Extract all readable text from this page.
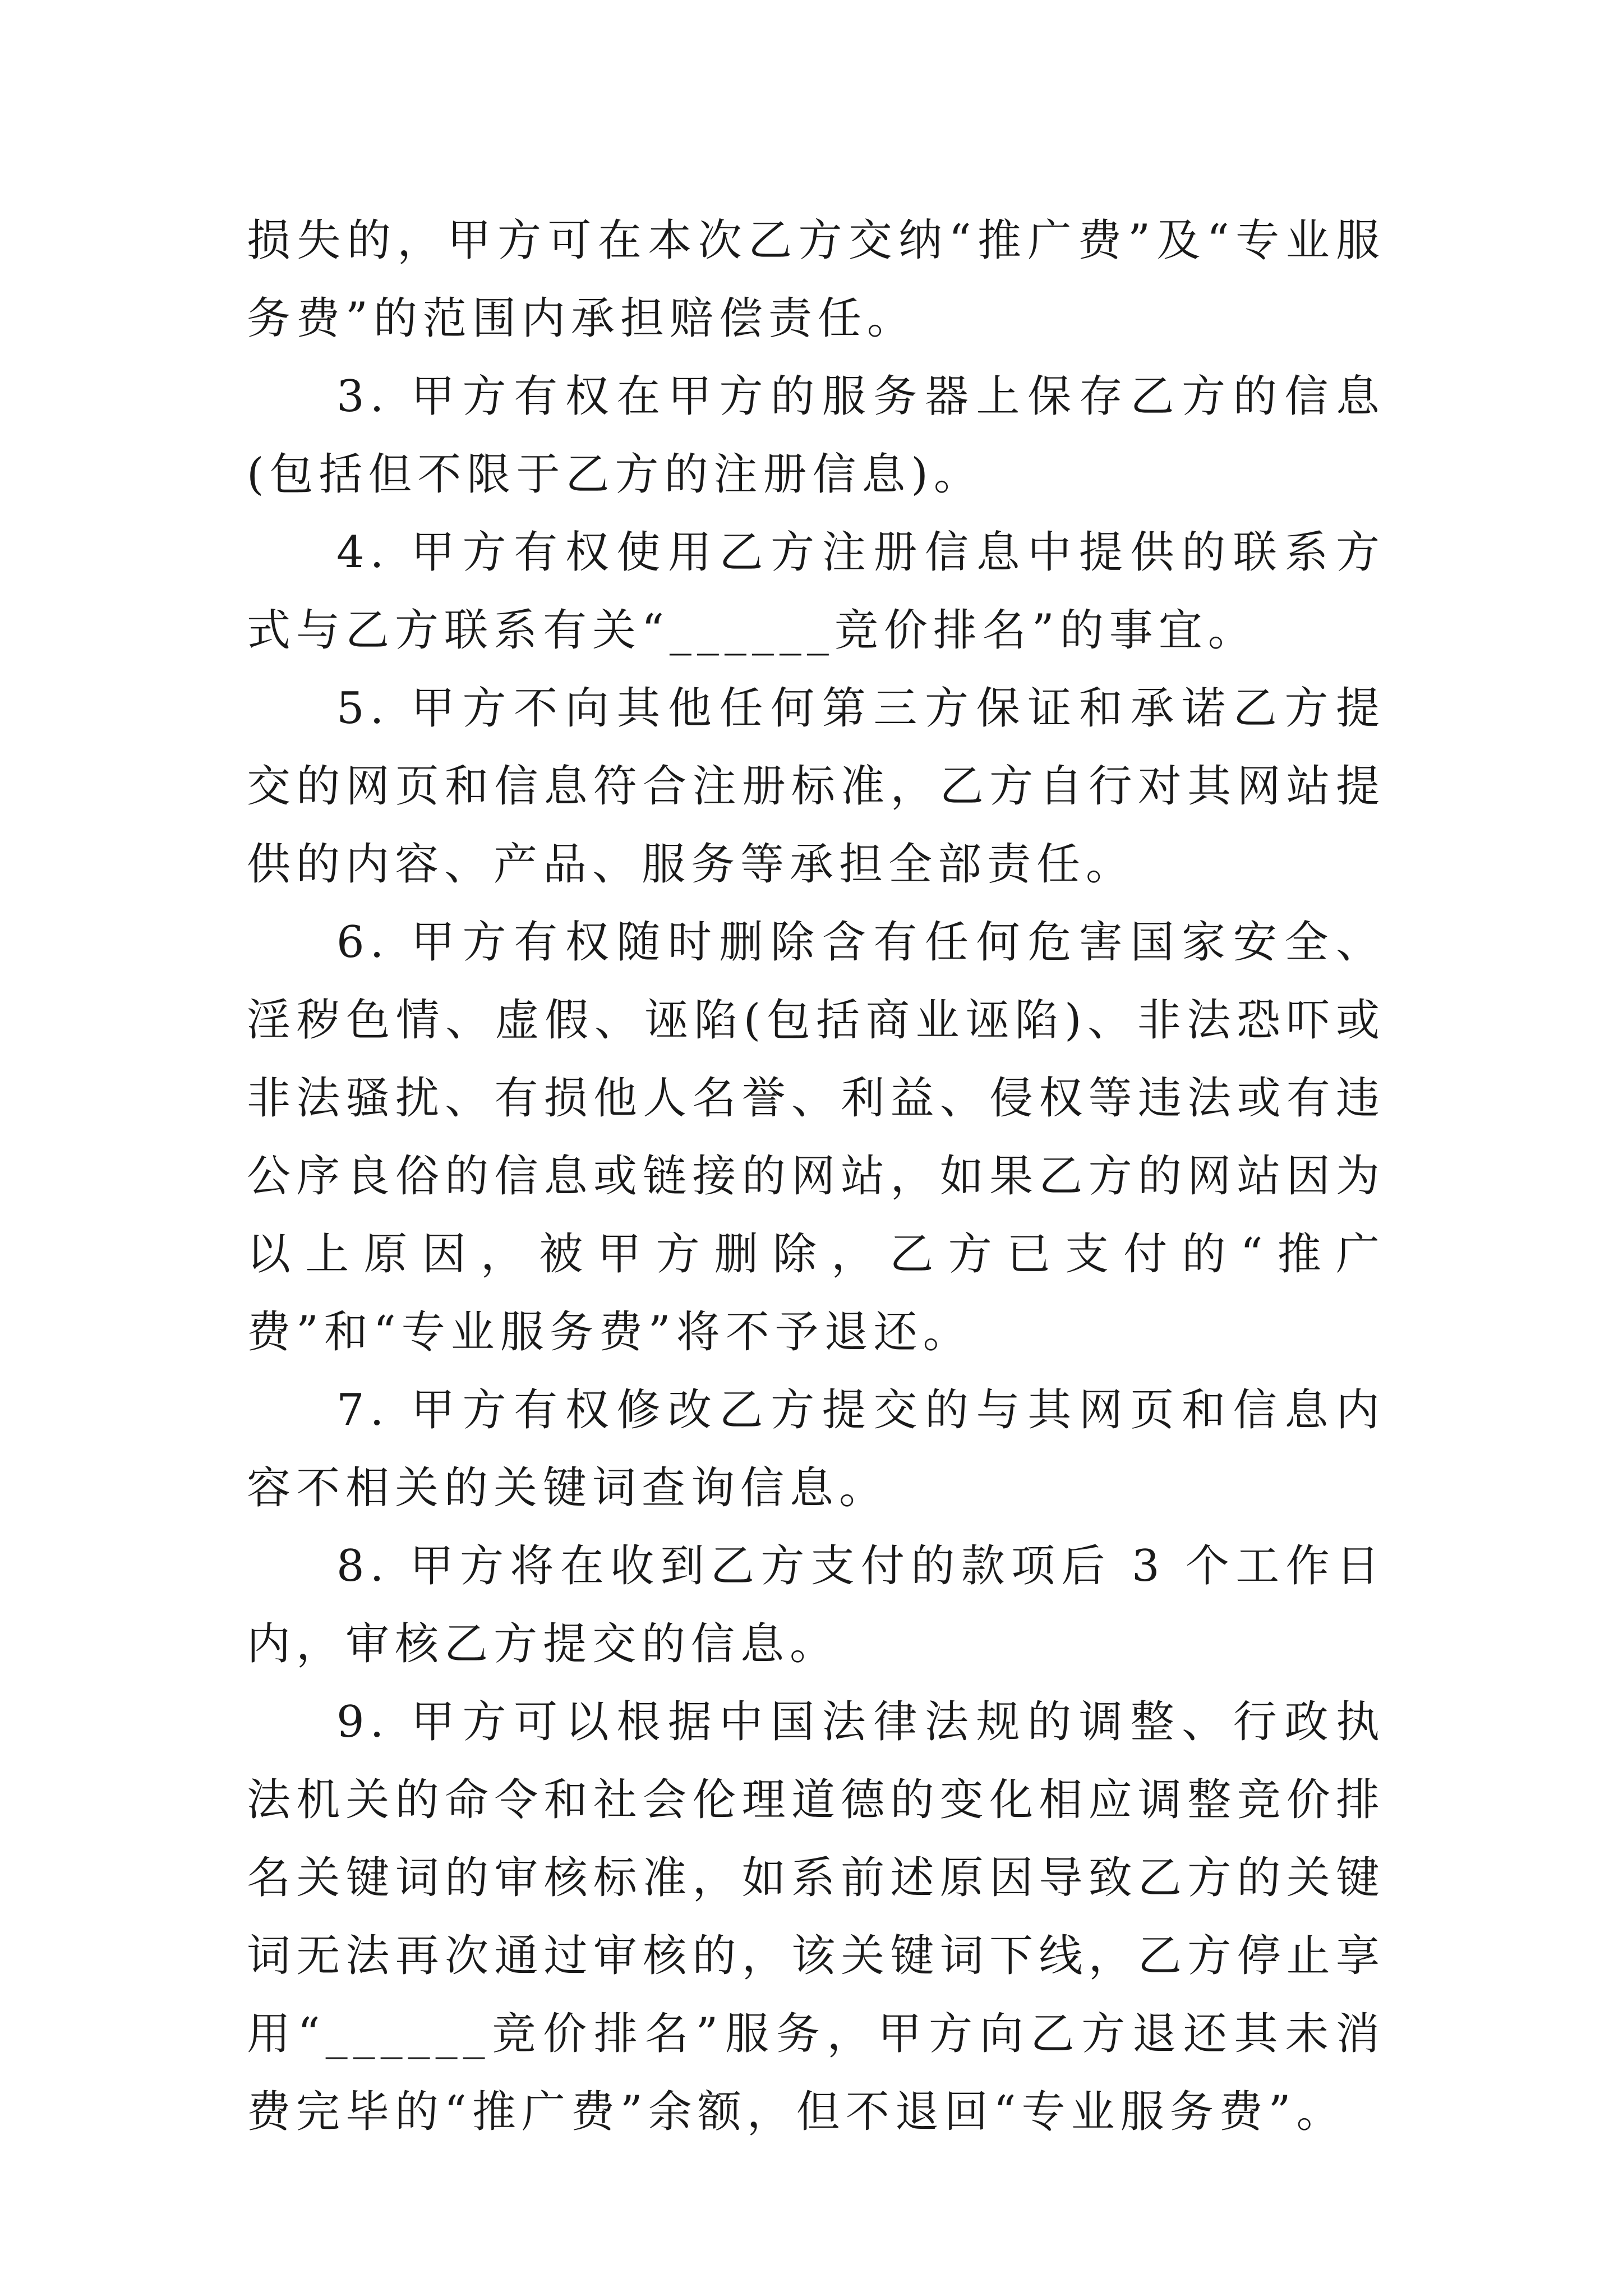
损失的，甲方可在本次乙方交纳“推广费”及“专业服务费”的范围内承担赔偿责任。

3. 甲方有权在甲方的服务器上保存乙方的信息(包括但不限于乙方的注册信息)。

4. 甲方有权使用乙方注册信息中提供的联系方式与乙方联系有关“______竞价排名”的事宜。

5. 甲方不向其他任何第三方保证和承诺乙方提交的网页和信息符合注册标准，乙方自行对其网站提供的内容、产品、服务等承担全部责任。

6. 甲方有权随时删除含有任何危害国家安全、淫秽色情、虚假、诬陷(包括商业诬陷)、非法恐吓或非法骚扰、有损他人名誉、利益、侵权等违法或有违公序良俗的信息或链接的网站，如果乙方的网站因为以上原因，被甲方删除，乙方已支付的“推广费”和“专业服务费”将不予退还。

7. 甲方有权修改乙方提交的与其网页和信息内容不相关的关键词查询信息。

8. 甲方将在收到乙方支付的款项后 3 个工作日内，审核乙方提交的信息。

9. 甲方可以根据中国法律法规的调整、行政执法机关的命令和社会伦理道德的变化相应调整竞价排名关键词的审核标准，如系前述原因导致乙方的关键词无法再次通过审核的，该关键词下线，乙方停止享用“______竞价排名”服务，甲方向乙方退还其未消费完毕的“推广费”余额，但不退回“专业服务费”。
